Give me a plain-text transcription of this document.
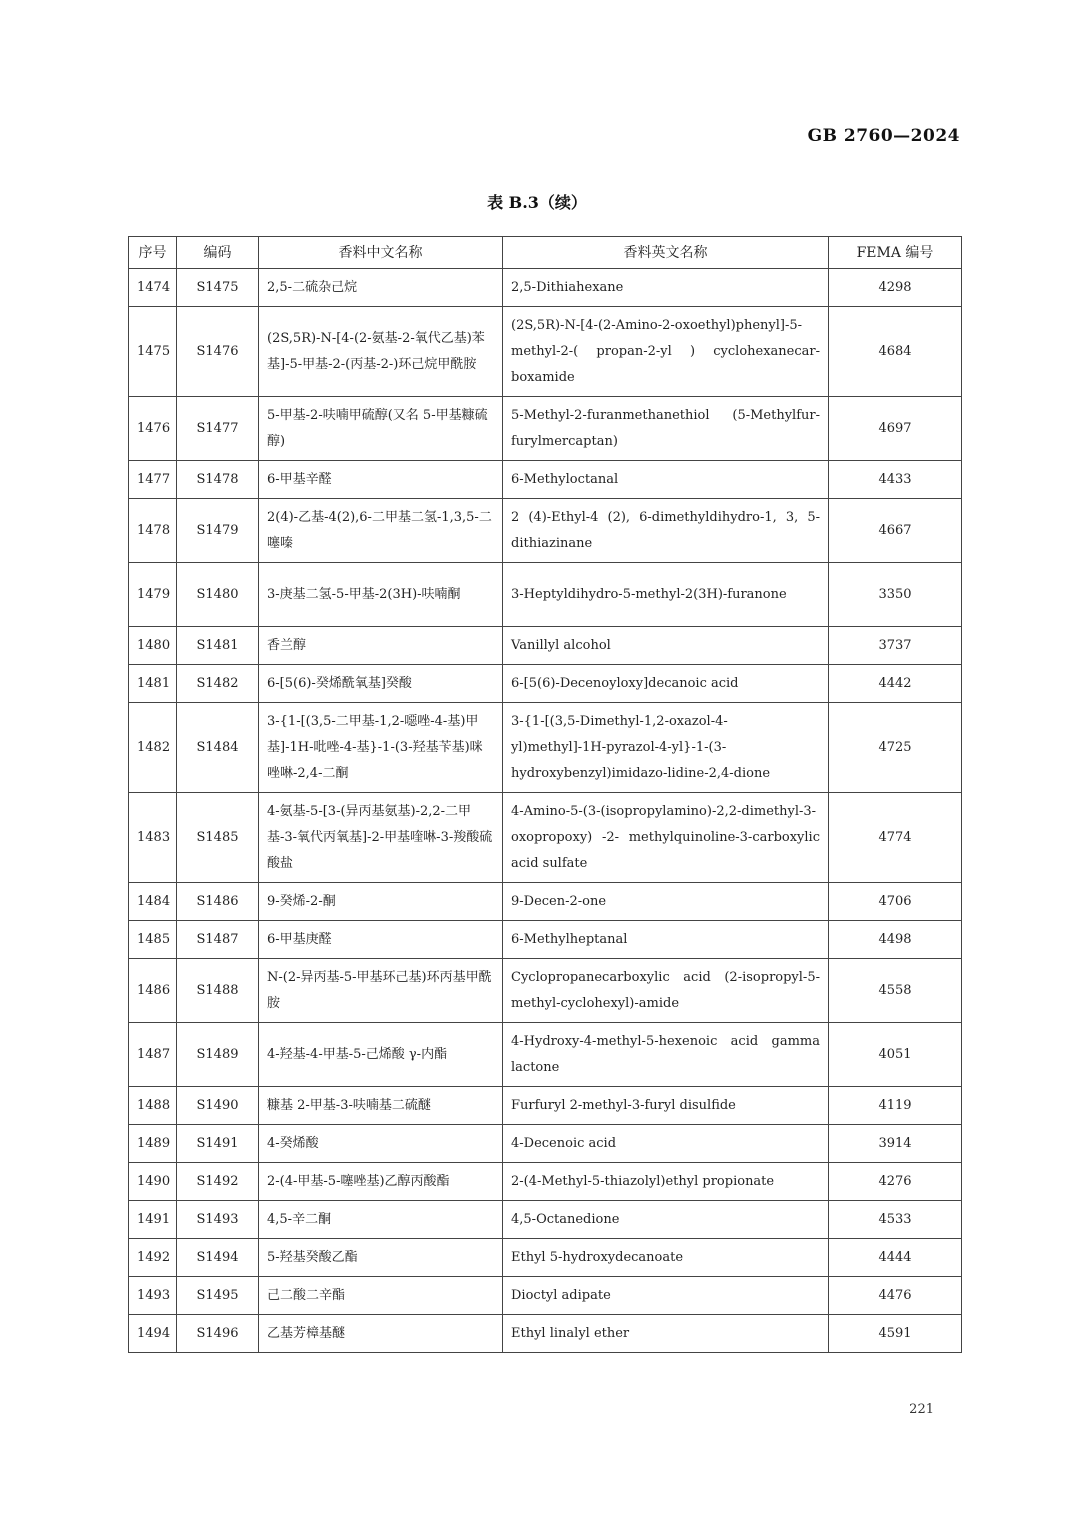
GB 2760—2024
表 B.3（续）
序号	编码	香料中文名称	香料英文名称	FEMA 编号
1474	S1475	2,5-二硫杂己烷	2,5-Dithiahexane	4298
1475	S1476	(2S,5R)-N-[4-(2-氨基-2-氧代乙基)苯基]-5-甲基-2-(丙基-2-)环己烷甲酰胺	(2S,5R)-N-[4-(2-Amino-2-oxoethyl)phenyl]-5-methyl-2-( propan-2-yl ) cyclohexanecar-boxamide	4684
1476	S1477	5-甲基-2-呋喃甲硫醇(又名 5-甲基糠硫醇)	5-Methyl-2-furanmethanethiol (5-Methylfur-furylmercaptan)	4697
1477	S1478	6-甲基辛醛	6-Methyloctanal	4433
1478	S1479	2(4)-乙基-4(2),6-二甲基二氢-1,3,5-二噻嗪	2 (4)-Ethyl-4 (2), 6-dimethyldihydro-1, 3, 5-dithiazinane	4667
1479	S1480	3-庚基二氢-5-甲基-2(3H)-呋喃酮	3-Heptyldihydro-5-methyl-2(3H)-furanone	3350
1480	S1481	香兰醇	Vanillyl alcohol	3737
1481	S1482	6-[5(6)-癸烯酰氧基]癸酸	6-[5(6)-Decenoyloxy]decanoic acid	4442
1482	S1484	3-{1-[(3,5-二甲基-1,2-噁唑-4-基)甲基]-1H-吡唑-4-基}-1-(3-羟基苄基)咪唑啉-2,4-二酮	3-{1-[(3,5-Dimethyl-1,2-oxazol-4-yl)methyl]-1H-pyrazol-4-yl}-1-(3-hydroxybenzyl)imidazo-lidine-2,4-dione	4725
1483	S1485	4-氨基-5-[3-(异丙基氨基)-2,2-二甲基-3-氧代丙氧基]-2-甲基喹啉-3-羧酸硫酸盐	4-Amino-5-(3-(isopropylamino)-2,2-dimethyl-3-oxopropoxy) -2- methylquinoline-3-carboxylic acid sulfate	4774
1484	S1486	9-癸烯-2-酮	9-Decen-2-one	4706
1485	S1487	6-甲基庚醛	6-Methylheptanal	4498
1486	S1488	N-(2-异丙基-5-甲基环己基)环丙基甲酰胺	Cyclopropanecarboxylic acid (2-isopropyl-5-methyl-cyclohexyl)-amide	4558
1487	S1489	4-羟基-4-甲基-5-己烯酸 γ-内酯	4-Hydroxy-4-methyl-5-hexenoic acid gamma lactone	4051
1488	S1490	糠基 2-甲基-3-呋喃基二硫醚	Furfuryl 2-methyl-3-furyl disulfide	4119
1489	S1491	4-癸烯酸	4-Decenoic acid	3914
1490	S1492	2-(4-甲基-5-噻唑基)乙醇丙酸酯	2-(4-Methyl-5-thiazolyl)ethyl propionate	4276
1491	S1493	4,5-辛二酮	4,5-Octanedione	4533
1492	S1494	5-羟基癸酸乙酯	Ethyl 5-hydroxydecanoate	4444
1493	S1495	己二酸二辛酯	Dioctyl adipate	4476
1494	S1496	乙基芳樟基醚	Ethyl linalyl ether	4591
221
